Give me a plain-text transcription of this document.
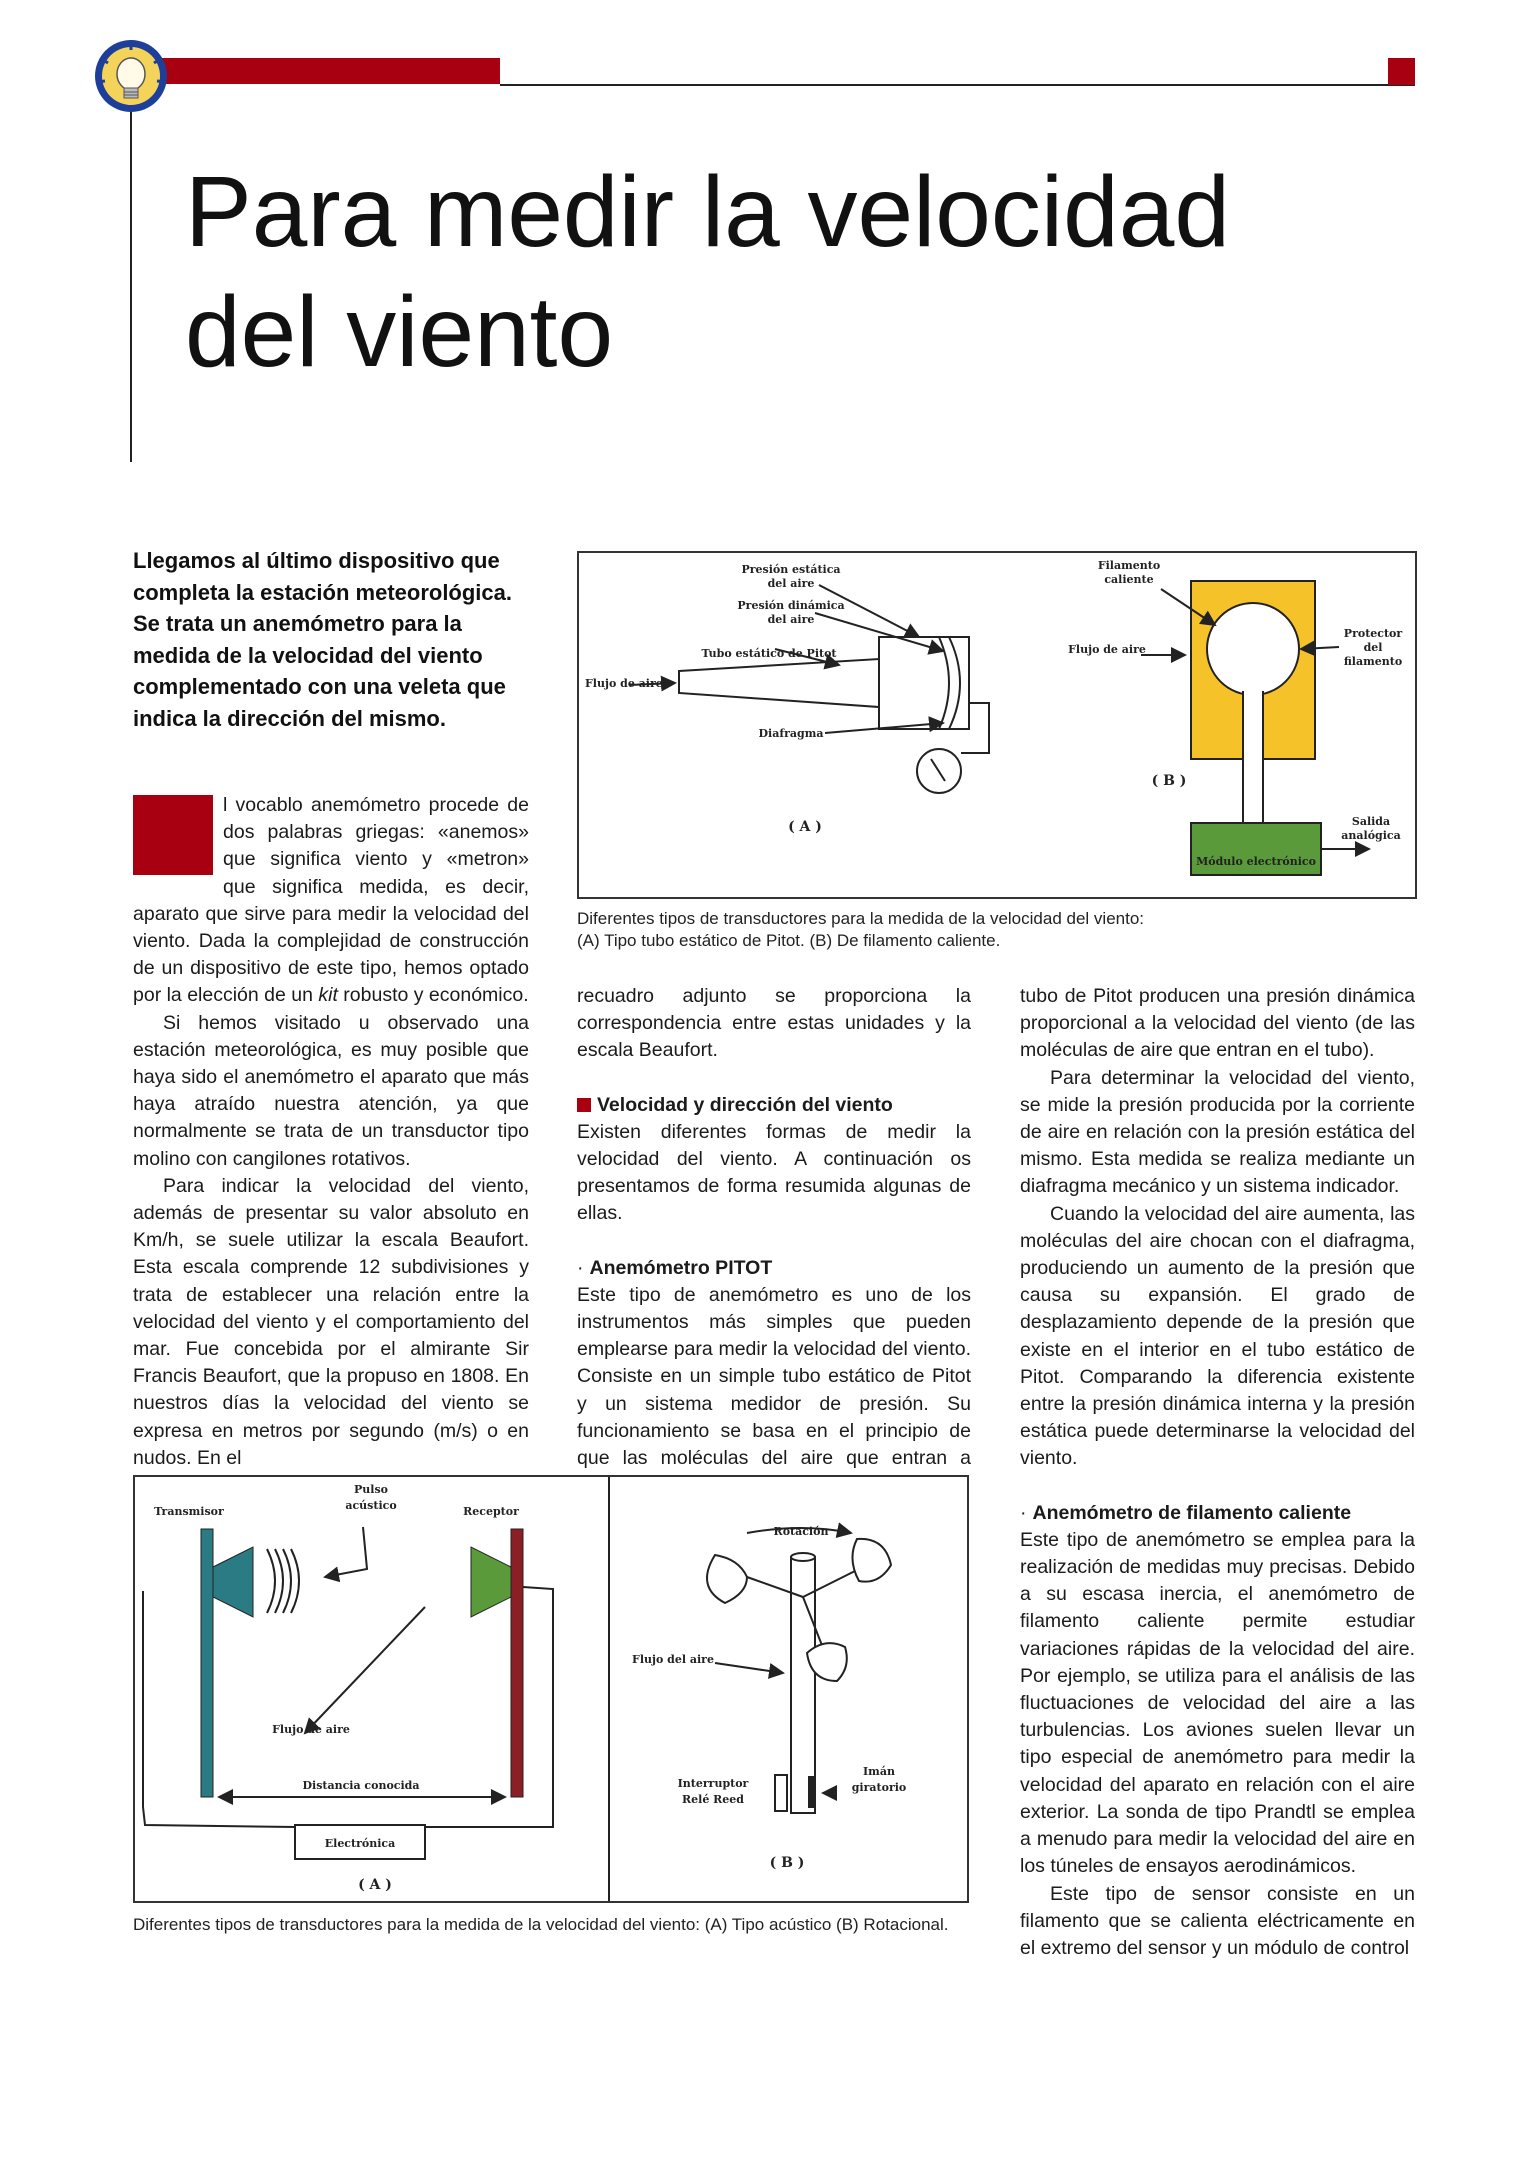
Para medir la velocidad
del viento
Llegamos al último dispositivo que completa la estación meteorológica. Se trata un anemómetro para la medida de la velocidad del viento complementado con una veleta que indica la dirección del mismo.

l vocablo anemómetro procede de dos palabras griegas: «anemos» que significa viento y «metron» que significa medida, es decir, aparato que sirve para medir la velocidad del viento. Dada la complejidad de construcción de un dispositivo de este tipo, hemos optado por la elección de un kit robusto y económico.

Si hemos visitado u observado una estación meteorológica, es muy posible que haya sido el anemómetro el aparato que más haya atraído nuestra atención, ya que normalmente se trata de un transductor tipo molino con cangilones rotativos.

Para indicar la velocidad del viento, además de presentar su valor absoluto en Km/h, se suele utilizar la escala Beaufort. Esta escala comprende 12 subdivisiones y trata de establecer una relación entre la velocidad del viento y el comportamiento del mar. Fue concebida por el almirante Sir Francis Beaufort, que la propuso en 1808. En nuestros días la velocidad del viento se expresa en metros por segundo (m/s) o en nudos. En el

Presión estática
del aire
Presión dinámica
del aire
Tubo estático de Pitot
Flujo de aire
Diafragma
( A )
Filamento
caliente
Flujo de aire
Protector
del
filamento
( B )
Salida
analógica
Módulo electrónico
Diferentes tipos de transductores para la medida de la velocidad del viento:
(A) Tipo tubo estático de Pitot. (B) De filamento caliente.

recuadro adjunto se proporciona la correspondencia entre estas unidades y la escala Beaufort.

Velocidad y dirección del viento

Existen diferentes formas de medir la velocidad del viento. A continuación os presentamos de forma resumida algunas de ellas.

· Anemómetro PITOT

Este tipo de anemómetro es uno de los instrumentos más simples que pueden emplearse para medir la velocidad del viento. Consiste en un simple tubo estático de Pitot y un sistema medidor de presión. Su funcionamiento se basa en el principio de que las moléculas del aire que entran a

tubo de Pitot producen una presión dinámica proporcional a la velocidad del viento (de las moléculas de aire que entran en el tubo).

Para determinar la velocidad del viento, se mide la presión producida por la corriente de aire en relación con la presión estática del mismo. Esta medida se realiza mediante un diafragma mecánico y un sistema indicador.

Cuando la velocidad del aire aumenta, las moléculas del aire chocan con el diafragma, produciendo un aumento de la presión que causa su expansión. El grado de desplazamiento depende de la presión que existe en el interior en el tubo estático de Pitot. Comparando la diferencia existente entre la presión dinámica interna y la presión estática puede determinarse la velocidad del viento.

· Anemómetro de filamento caliente

Este tipo de anemómetro se emplea para la realización de medidas muy precisas. Debido a su escasa inercia, el anemómetro de filamento caliente permite estudiar variaciones rápidas de la velocidad del aire. Por ejemplo, se utiliza para el análisis de las fluctuaciones de velocidad del aire a las turbulencias. Los aviones suelen llevar un tipo especial de anemómetro para medir la velocidad del aparato en relación con el aire exterior. La sonda de tipo Prandtl se emplea a menudo para medir la velocidad del aire en los túneles de ensayos aerodinámicos.

Este tipo de sensor consiste en un filamento que se calienta eléctricamente en el extremo del sensor y un módulo de control

Transmisor
Pulso
acústico	Receptor
Flujo de aire
Distancia conocida
Electrónica
( A )
Rotación
Flujo del aire
Interruptor
Relé Reed
Imán
giratorio
( B )
Diferentes tipos de transductores para la medida de la velocidad del viento: (A) Tipo acústico (B) Rotacional.
